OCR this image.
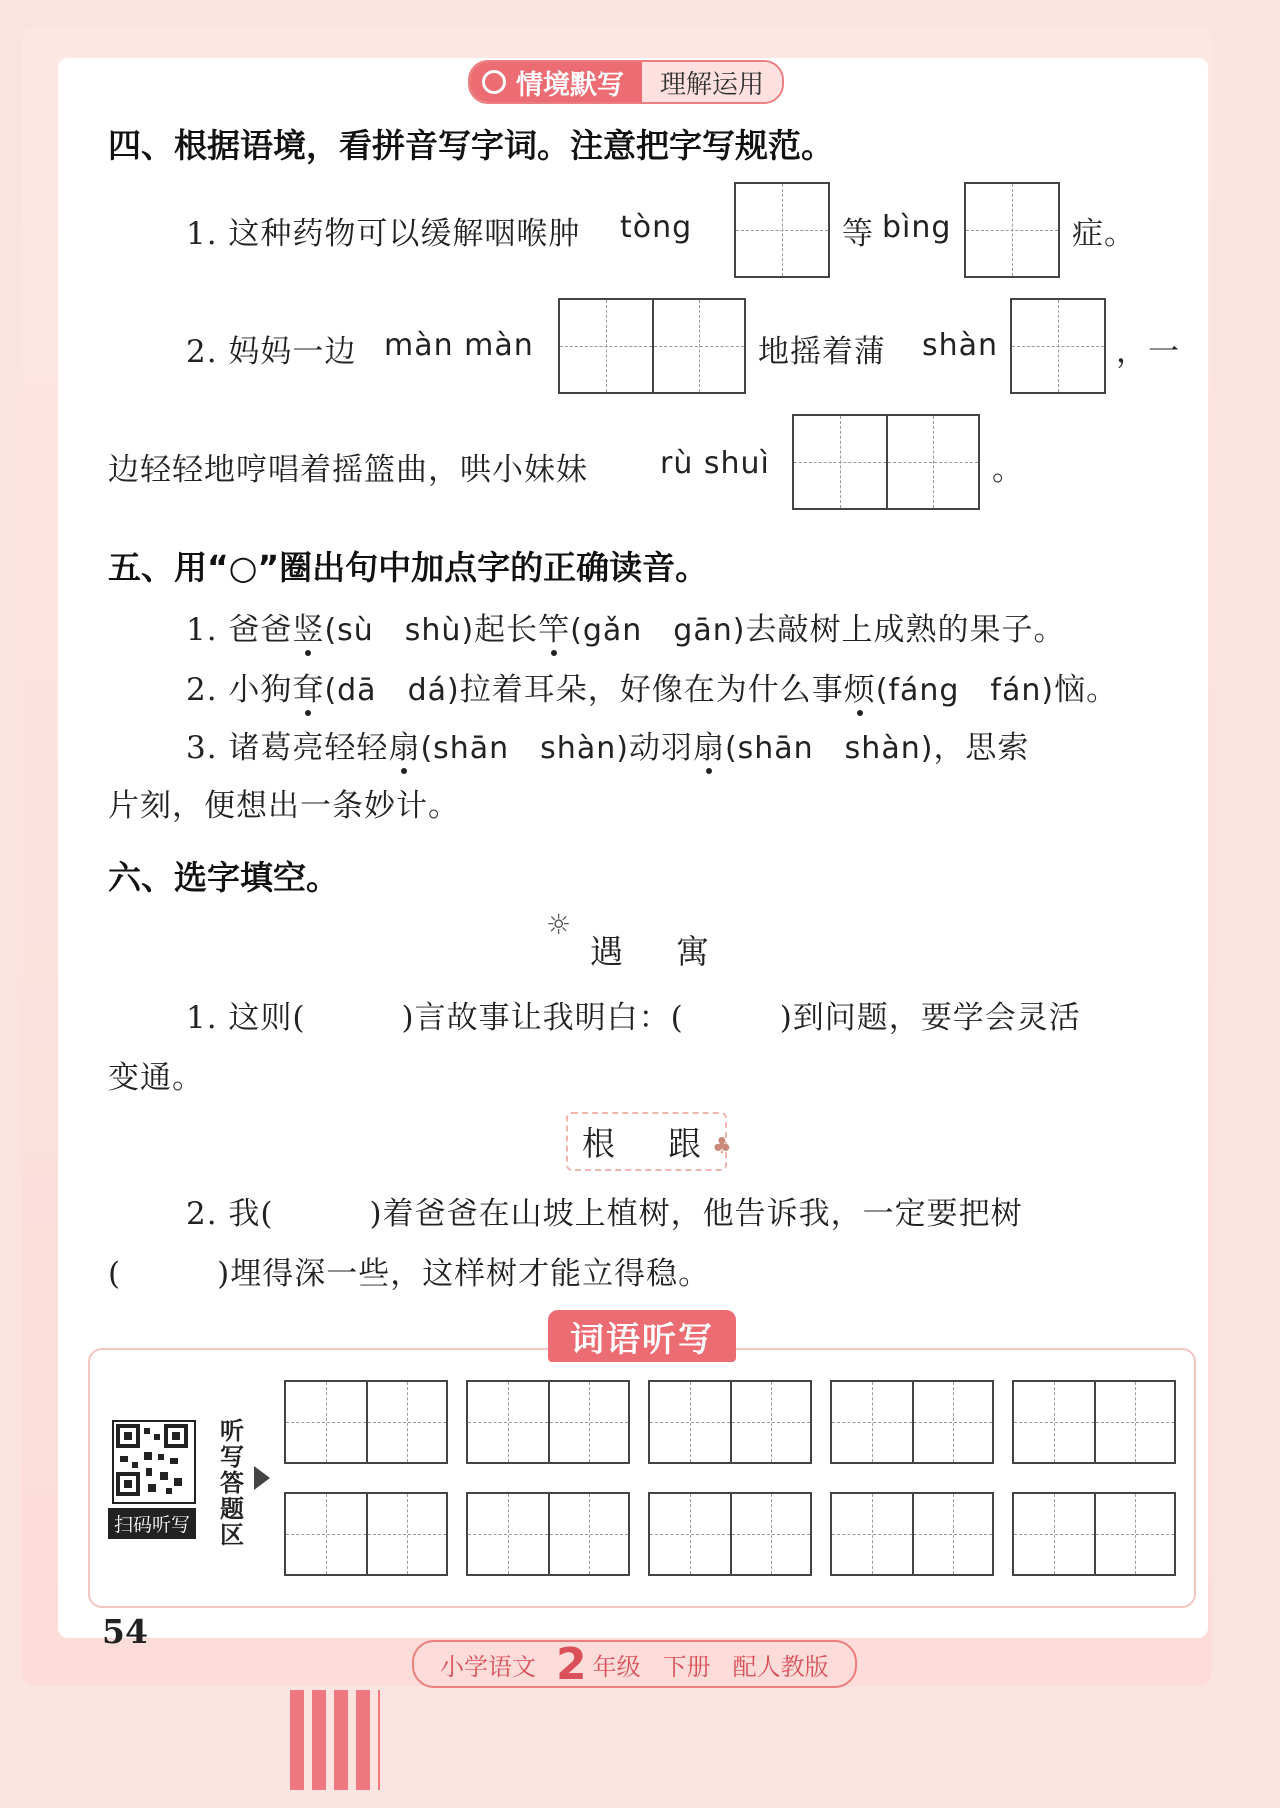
情境默写	理解运用
四、根据语境，看拼音写字词。注意把字写规范。
1. 这种药物可以缓解咽喉肿 tòng	等 bìng	症。
2. 妈妈一边 màn màn	地摇着蒲 shàn	，一
边轻轻地哼唱着摇篮曲，哄小妹妹 rù shuì	。
五、用“○”圈出句中加点字的正确读音。
1. 爸爸竖(sù　shù)起长竿(gǎn　gān)去敲树上成熟的果子。
2. 小狗耷(dā　dá)拉着耳朵，好像在为什么事烦(fáng　fán)恼。
3. 诸葛亮轻轻扇(shān　shàn)动羽扇(shān　shàn)，思索
片刻，便想出一条妙计。
六、选字填空。
☼
遇　寓
1. 这则(　　　)言故事让我明白：(　　　)到问题，要学会灵活
变通。
根　跟 ♣
2. 我(　　　)着爸爸在山坡上植树，他告诉我，一定要把树
(　　　)埋得深一些，这样树才能立得稳。
词语听写
扫码听写
听写答题区
54
小学语文 2 年级 下册 配人教版
